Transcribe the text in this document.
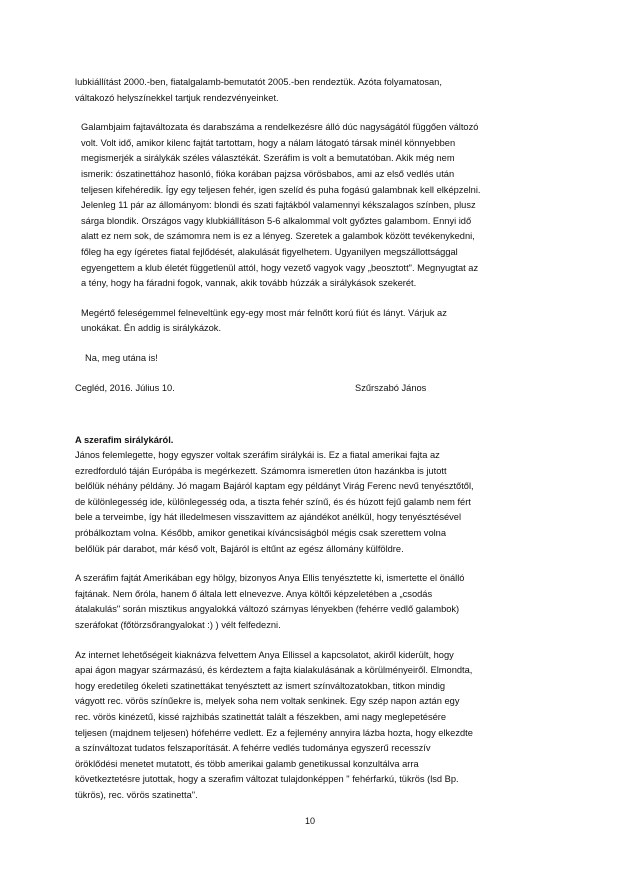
lubkiállítást 2000.-ben, fiatalgalamb-bemutatót 2005.-ben rendeztük. Azóta folyamatosan,
váltakozó helyszínekkel tartjuk rendezvényeinket.

Galambjaim fajtaváltozata és darabszáma a rendelkezésre álló dúc nagyságától függően változó
volt. Volt idő, amikor kilenc fajtát tartottam, hogy a nálam látogató társak minél könnyebben
megismerjék a sirálykák széles választékát. Szeráfim is volt a bemutatóban. Akik még nem
ismerik: ószatinettához hasonló, fióka korában pajzsa vörösbabos, ami az első vedlés után
teljesen kifehéredik. Így egy teljesen fehér, igen szelíd és puha fogású galambnak kell elképzelni.
Jelenleg 11 pár az állományom: blondi és szati fajtákból valamennyi kékszalagos színben, plusz
sárga blondik. Országos vagy klubkiállításon 5-6 alkalommal volt győztes galambom. Ennyi idő
alatt ez nem sok, de számomra nem is ez a lényeg. Szeretek a galambok között tevékenykedni,
főleg ha egy ígéretes fiatal fejlődését, alakulását figyelhetem. Ugyanilyen megszállottsággal
egyengettem a klub életét függetlenül attól, hogy vezető vagyok vagy „beosztott". Megnyugtat az
a tény, hogy ha fáradni fogok, vannak, akik tovább húzzák a sirálykások szekerét.

Megértő feleségemmel felneveltünk egy-egy most már felnőtt korú fiút és lányt. Várjuk az
unokákat. Én addig is sirálykázok.

Na, meg utána is!

Cegléd, 2016. Július 10.	Szűrszabó János

A szerafim sirálykáról.

János felemlegette, hogy egyszer voltak szeráfim sirálykái is. Ez a fiatal amerikai fajta az
ezredforduló táján Európába is megérkezett. Számomra ismeretlen úton hazánkba is jutott
belőlük néhány példány. Jó magam Bajáról kaptam egy példányt Virág Ferenc nevű tenyésztőtől,
de különlegesség ide, különlegesség oda, a tiszta fehér színű, és és húzott fejű galamb nem fért
bele a terveimbe, így hát illedelmesen visszavittem az ajándékot anélkül, hogy tenyésztésével
próbálkoztam volna. Később, amikor genetikai kíváncsiságból mégis csak szerettem volna
belőlük pár darabot, már késő volt, Bajáról is eltűnt az egész állomány külföldre.

A szeráfim fajtát Amerikában egy hölgy, bizonyos Anya Ellis tenyésztette ki, ismertette el önálló
fajtának. Nem őróla, hanem ő általa lett elnevezve. Anya költői képzeletében a „csodás
átalakulás" során misztikus angyalokká változó szárnyas lényekben (fehérre vedlő galambok)
szeráfokat (főtörzsőrangyalokat :) ) vélt felfedezni.

Az internet lehetőségeit kiaknázva felvettem Anya Ellissel a kapcsolatot, akiről kiderült, hogy
apai ágon magyar származású, és kérdeztem a fajta kialakulásának a körülményeiről. Elmondta,
hogy eredetileg ókeleti szatinettákat tenyésztett az ismert színváltozatokban, titkon mindig
vágyott rec. vörös színűekre is, melyek soha nem voltak senkinek. Egy szép napon aztán egy
rec. vörös kinézetű, kissé rajzhibás szatinettát talált a fészekben, ami nagy meglepetésére
teljesen (majdnem teljesen) hófehérre vedlett. Ez a fejlemény annyira lázba hozta, hogy elkezdte
a színváltozat tudatos felszaporítását. A fehérre vedlés tudománya egyszerű recesszív
öröklődési menetet mutatott, és több amerikai galamb genetikussal konzultálva arra
következtetésre jutottak, hogy a szerafim változat tulajdonképpen " fehérfarkú, tükrös (lsd Bp.
tükrös), rec. vörös szatinetta".

10
